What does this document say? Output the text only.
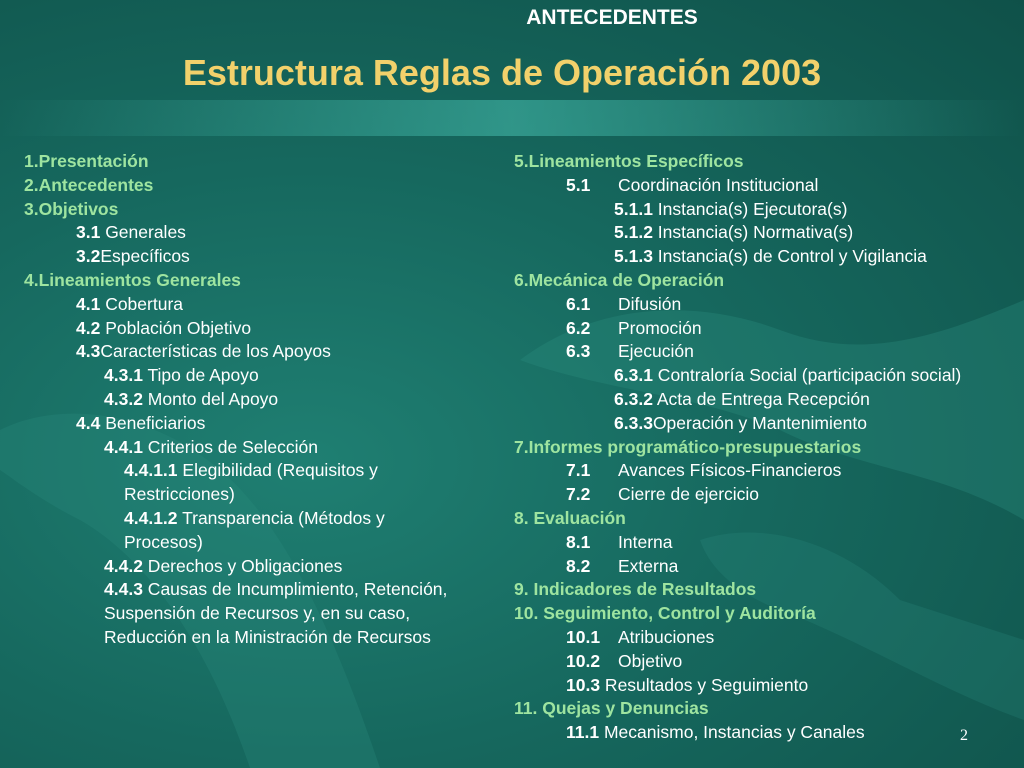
ANTECEDENTES
Estructura Reglas de Operación 2003
1.Presentación
2.Antecedentes
3.Objetivos
3.1 Generales
3.2Específicos
4.Lineamientos Generales
4.1 Cobertura
4.2 Población Objetivo
4.3Características de los Apoyos
4.3.1 Tipo de Apoyo
4.3.2 Monto del Apoyo
4.4 Beneficiarios
4.4.1 Criterios de Selección
4.4.1.1 Elegibilidad (Requisitos y Restricciones)
4.4.1.2 Transparencia (Métodos y Procesos)
4.4.2 Derechos y Obligaciones
4.4.3 Causas de Incumplimiento, Retención, Suspensión de Recursos y, en su caso, Reducción en la Ministración de Recursos
5.Lineamientos Específicos
5.1 Coordinación Institucional
5.1.1 Instancia(s) Ejecutora(s)
5.1.2 Instancia(s) Normativa(s)
5.1.3 Instancia(s) de Control y Vigilancia
6.Mecánica de Operación
6.1 Difusión
6.2 Promoción
6.3 Ejecución
6.3.1 Contraloría Social (participación social)
6.3.2 Acta de Entrega Recepción
6.3.3Operación y Mantenimiento
7.Informes programático-presupuestarios
7.1 Avances Físicos-Financieros
7.2 Cierre de ejercicio
8. Evaluación
8.1 Interna
8.2 Externa
9. Indicadores de Resultados
10. Seguimiento, Control y Auditoría
10.1 Atribuciones
10.2 Objetivo
10.3 Resultados y Seguimiento
11. Quejas y Denuncias
11.1 Mecanismo, Instancias y Canales	2
